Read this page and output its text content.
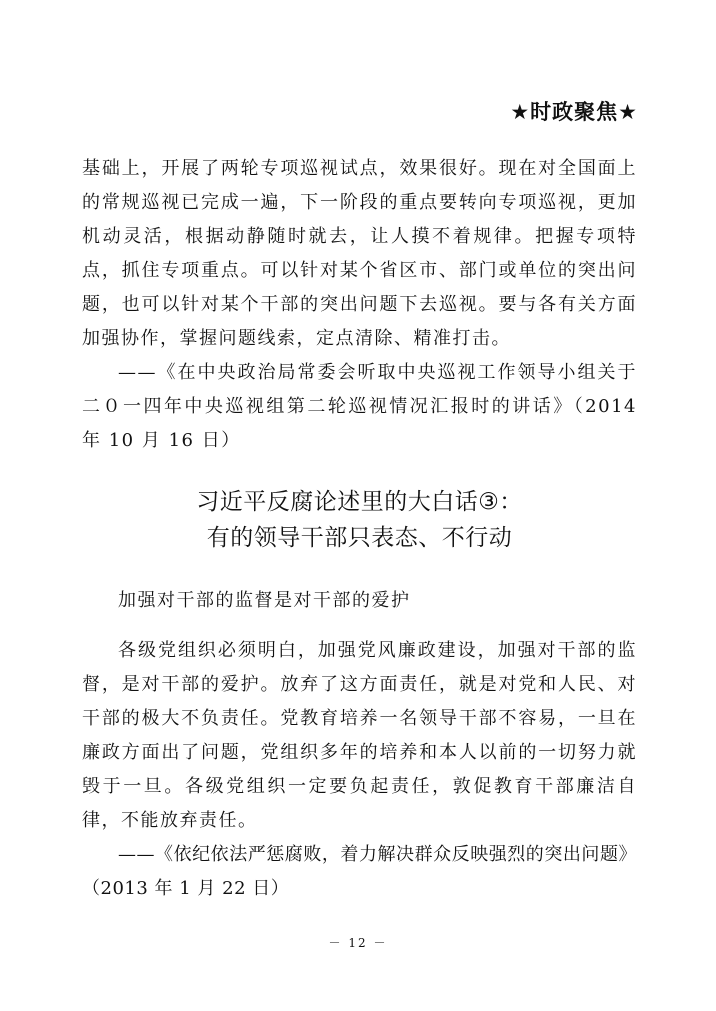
★时政聚焦★
基础上，开展了两轮专项巡视试点，效果很好。现在对全国面上的常规巡视已完成一遍，下一阶段的重点要转向专项巡视，更加机动灵活，根据动静随时就去，让人摸不着规律。把握专项特点，抓住专项重点。可以针对某个省区市、部门或单位的突出问题，也可以针对某个干部的突出问题下去巡视。要与各有关方面加强协作，掌握问题线索，定点清除、精准打击。
——《在中央政治局常委会听取中央巡视工作领导小组关于二０一四年中央巡视组第二轮巡视情况汇报时的讲话》（2014 年 10 月 16 日）
习近平反腐论述里的大白话③：
有的领导干部只表态、不行动
加强对干部的监督是对干部的爱护
各级党组织必须明白，加强党风廉政建设，加强对干部的监督，是对干部的爱护。放弃了这方面责任，就是对党和人民、对干部的极大不负责任。党教育培养一名领导干部不容易，一旦在廉政方面出了问题，党组织多年的培养和本人以前的一切努力就毁于一旦。各级党组织一定要负起责任，敦促教育干部廉洁自律，不能放弃责任。
——《依纪依法严惩腐败，着力解决群众反映强烈的突出问题》（2013 年 1 月 22 日）
－ 12 －
